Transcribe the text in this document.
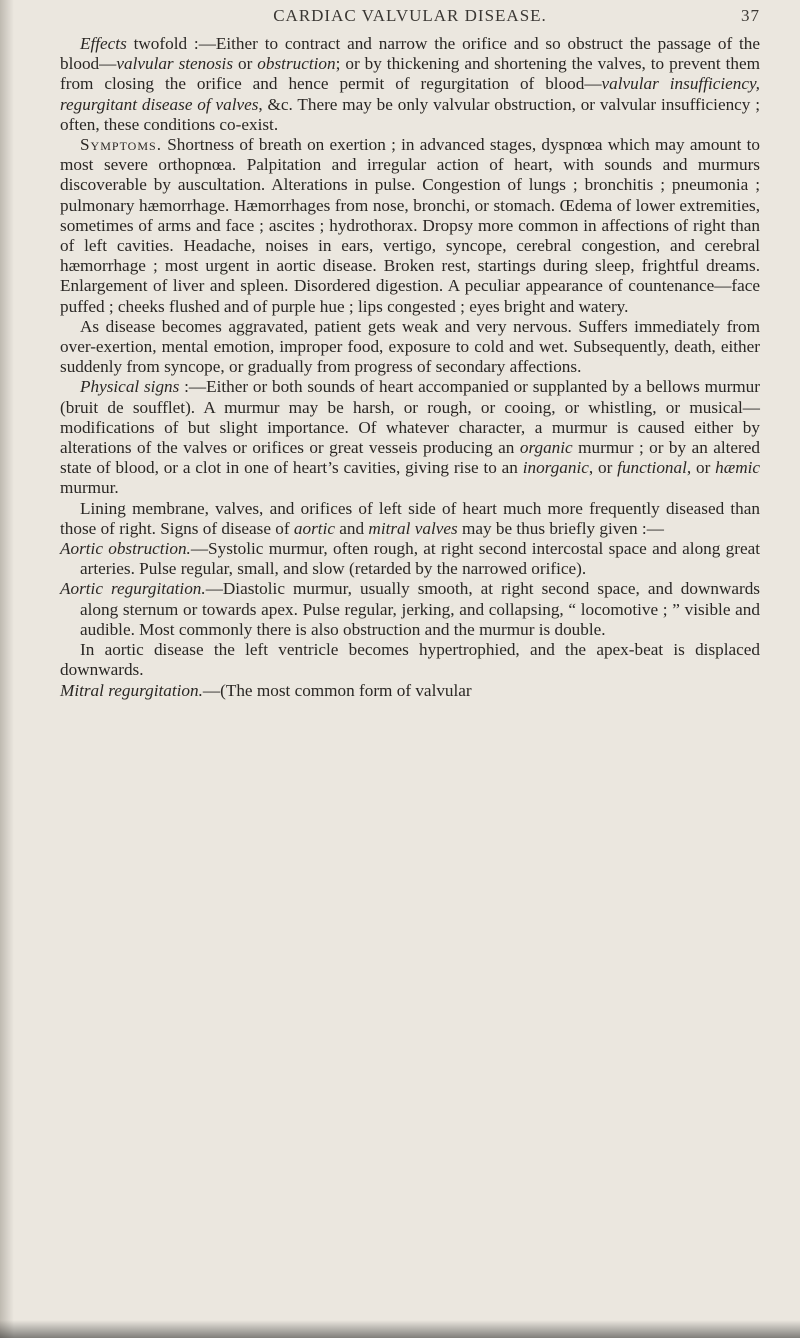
CARDIAC VALVULAR DISEASE.	37

Effects twofold :—Either to contract and narrow the orifice and so obstruct the passage of the blood—valvular stenosis or obstruction; or by thickening and shortening the valves, to prevent them from closing the orifice and hence permit of regurgitation of blood—valvular insufficiency, regurgitant disease of valves, &c. There may be only valvular obstruction, or valvular insufficiency ; often, these conditions co-exist.

Symptoms. Shortness of breath on exertion ; in advanced stages, dyspnœa which may amount to most severe orthopnœa. Palpitation and irregular action of heart, with sounds and murmurs discoverable by auscultation. Alterations in pulse. Congestion of lungs ; bronchitis ; pneumonia ; pulmonary hæmorrhage. Hæmorrhages from nose, bronchi, or stomach. Œdema of lower extremities, sometimes of arms and face ; ascites ; hydrothorax. Dropsy more common in affections of right than of left cavities. Headache, noises in ears, vertigo, syncope, cerebral congestion, and cerebral hæmorrhage ; most urgent in aortic disease. Broken rest, startings during sleep, frightful dreams. Enlargement of liver and spleen. Disordered digestion. A peculiar appearance of countenance—face puffed ; cheeks flushed and of purple hue ; lips congested ; eyes bright and watery.

As disease becomes aggravated, patient gets weak and very nervous. Suffers immediately from over-exertion, mental emotion, improper food, exposure to cold and wet. Subsequently, death, either suddenly from syncope, or gradually from progress of secondary affections.

Physical signs :—Either or both sounds of heart accompanied or supplanted by a bellows murmur (bruit de soufflet). A murmur may be harsh, or rough, or cooing, or whistling, or musical—modifications of but slight importance. Of whatever character, a murmur is caused either by alterations of the valves or orifices or great vesseis producing an organic murmur ; or by an altered state of blood, or a clot in one of heart’s cavities, giving rise to an inorganic, or functional, or hæmic murmur.

Lining membrane, valves, and orifices of left side of heart much more frequently diseased than those of right. Signs of disease of aortic and mitral valves may be thus briefly given :—

Aortic obstruction.—Systolic murmur, often rough, at right second intercostal space and along great arteries. Pulse regular, small, and slow (retarded by the narrowed orifice).

Aortic regurgitation.—Diastolic murmur, usually smooth, at right second space, and downwards along sternum or towards apex. Pulse regular, jerking, and collapsing, “ locomotive ; ” visible and audible. Most commonly there is also obstruction and the murmur is double.

In aortic disease the left ventricle becomes hypertrophied, and the apex-beat is displaced downwards.

Mitral regurgitation.—(The most common form of valvular
